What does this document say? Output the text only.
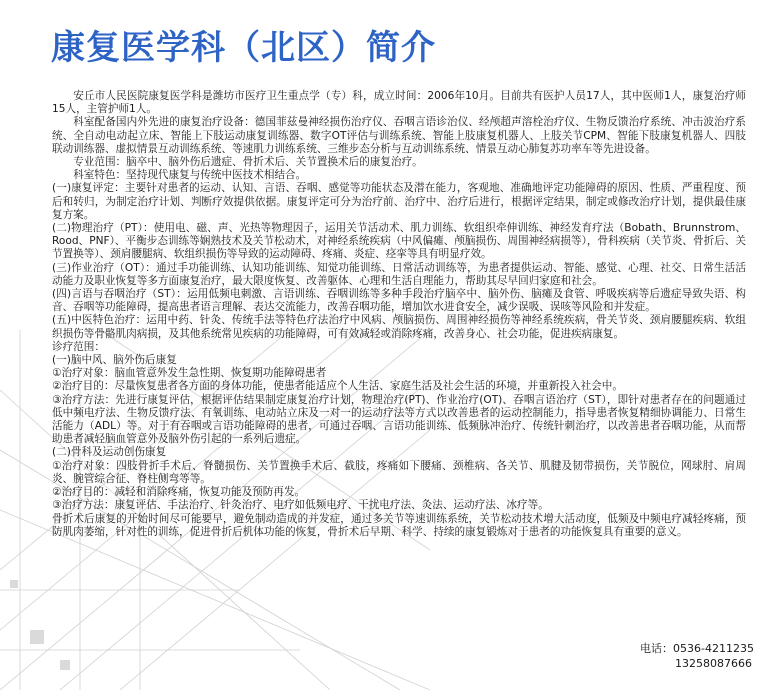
康复医学科（北区）简介

安丘市人民医院康复医学科是潍坊市医疗卫生重点学（专）科，成立时间：2006年10月。目前共有医护人员17人，其中医师1人，康复治疗师15人，主管护师1人。

科室配备国内外先进的康复治疗设备：德国菲兹曼神经损伤治疗仪、吞咽言语诊治仪、经颅超声溶栓治疗仪、生物反馈治疗系统、冲击波治疗系统、全自动电动起立床、智能上下肢运动康复训练器、数字OT评估与训练系统、智能上肢康复机器人、上肢关节CPM、智能下肢康复机器人、四肢联动训练器、虚拟情景互动训练系统、等速肌力训练系统、三维步态分析与互动训练系统、情景互动心肺复苏功率车等先进设备。

专业范围：脑卒中、脑外伤后遗症、骨折术后、关节置换术后的康复治疗。

科室特色：坚持现代康复与传统中医技术相结合。

(一)康复评定：主要针对患者的运动、认知、言语、吞咽、感觉等功能状态及潜在能力，客观地、准确地评定功能障碍的原因、性质、严重程度、预后和转归，为制定治疗计划、判断疗效提供依据。康复评定可分为治疗前、治疗中、治疗后进行，根据评定结果，制定或修改治疗计划，提供最佳康复方案。

(二)物理治疗（PT）：使用电、磁、声、光热等物理因子，运用关节活动术、肌力训练、软组织牵伸训练、神经发育疗法（Bobath、Brunnstrom、Rood、PNF）、平衡步态训练等娴熟技术及关节松动术，对神经系统疾病（中风偏瘫、颅脑损伤、周围神经病损等），骨科疾病（关节炎、骨折后、关节置换等）、颈肩腰腿病、软组织损伤等导致的运动障碍、疼痛、炎症、痉挛等具有明显疗效。

(三)作业治疗（OT）：通过手功能训练、认知功能训练、知觉功能训练、日常活动训练等，为患者提供运动、智能、感觉、心理、社交、日常生活活动能力及职业恢复等多方面康复治疗，最大限度恢复、改善躯体、心理和生活自理能力，帮助其尽早回归家庭和社会。

(四)言语与吞咽治疗（ST）：运用低频电刺激、言语训练、吞咽训练等多种手段治疗脑卒中、脑外伤、脑瘫及食管、呼吸疾病等后遗症导致失语、构音、吞咽等功能障碍，提高患者语言理解、表达交流能力，改善吞咽功能，增加饮水进食安全，减少误吸、误咳等风险和并发症。

(五)中医特色治疗：运用中药、针灸、传统手法等特色疗法治疗中风病、颅脑损伤、周围神经损伤等神经系统疾病，骨关节炎、颈肩腰腿疾病、软组织损伤等骨骼肌肉病损，及其他系统常见疾病的功能障碍，可有效减轻或消除疼痛，改善身心、社会功能，促进疾病康复。

诊疗范围：

(一)脑中风、脑外伤后康复

①治疗对象：脑血管意外发生急性期、恢复期功能障碍患者

②治疗目的：尽量恢复患者各方面的身体功能，使患者能适应个人生活、家庭生活及社会生活的环境，并重新投入社会中。

③治疗方法：先进行康复评估，根据评估结果制定康复治疗计划，物理治疗(PT)、作业治疗(OT)、吞咽言语治疗（ST），即针对患者存在的问题通过低中频电疗法、生物反馈疗法、有氧训练、电动站立床及一对一的运动疗法等方式以改善患者的运动控制能力，指导患者恢复精细协调能力、日常生活能力（ADL）等。对于有吞咽或言语功能障碍的患者，可通过吞咽、言语功能训练、低频脉冲治疗、传统针刺治疗，以改善患者吞咽功能，从而帮助患者减轻脑血管意外及脑外伤引起的一系列后遗症。

(二)骨科及运动创伤康复

①治疗对象：四肢骨折手术后、脊髓损伤、关节置换手术后、截肢，疼痛如下腰痛、颈椎病、各关节、肌腱及韧带损伤，关节脱位，网球肘、肩周炎、腕管综合征、脊柱侧弯等等。

②治疗目的：减轻和消除疼痛，恢复功能及预防再发。

③治疗方法：康复评估、手法治疗、针灸治疗、电疗如低频电疗、干扰电疗法、灸法、运动疗法、冰疗等。

骨折术后康复的开始时间尽可能要早，避免制动造成的并发症，通过多关节等速训练系统，关节松动技术增大活动度，低频及中频电疗减轻疼痛，预防肌肉萎缩，针对性的训练，促进骨折后机体功能的恢复，骨折术后早期、科学、持续的康复锻炼对于患者的功能恢复具有重要的意义。

电话：0536-4211235
13258087666
